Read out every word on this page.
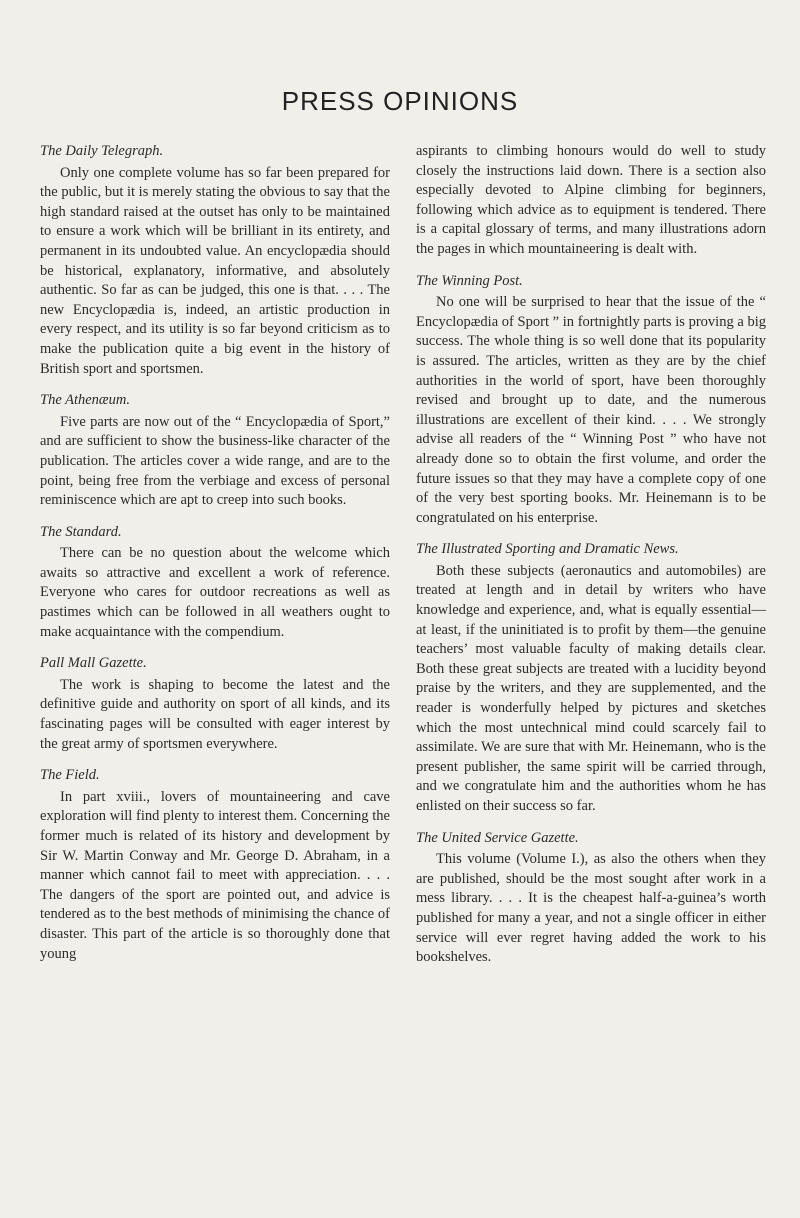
PRESS OPINIONS
The Daily Telegraph.

Only one complete volume has so far been prepared for the public, but it is merely stating the obvious to say that the high standard raised at the outset has only to be maintained to ensure a work which will be brilliant in its entirety, and permanent in its undoubted value. An encyclopædia should be historical, explanatory, informative, and absolutely authentic. So far as can be judged, this one is that. . . . The new Encyclopædia is, indeed, an artistic production in every respect, and its utility is so far beyond criticism as to make the publication quite a big event in the history of British sport and sportsmen.

The Athenæum.

Five parts are now out of the “ Encyclopædia of Sport,” and are sufficient to show the business-like character of the publication. The articles cover a wide range, and are to the point, being free from the verbiage and excess of personal reminiscence which are apt to creep into such books.

The Standard.

There can be no question about the welcome which awaits so attractive and excellent a work of reference. Everyone who cares for outdoor recreations as well as pastimes which can be followed in all weathers ought to make acquaintance with the compendium.

Pall Mall Gazette.

The work is shaping to become the latest and the definitive guide and authority on sport of all kinds, and its fascinating pages will be consulted with eager interest by the great army of sportsmen everywhere.

The Field.

In part xviii., lovers of mountaineering and cave exploration will find plenty to interest them. Concerning the former much is related of its history and development by Sir W. Martin Conway and Mr. George D. Abraham, in a manner which cannot fail to meet with appreciation. . . . The dangers of the sport are pointed out, and advice is tendered as to the best methods of minimising the chance of disaster. This part of the article is so thoroughly done that young

aspirants to climbing honours would do well to study closely the instructions laid down. There is a section also especially devoted to Alpine climbing for beginners, following which advice as to equipment is tendered. There is a capital glossary of terms, and many illustrations adorn the pages in which mountaineering is dealt with.

The Winning Post.

No one will be surprised to hear that the issue of the “ Encyclopædia of Sport ” in fortnightly parts is proving a big success. The whole thing is so well done that its popularity is assured. The articles, written as they are by the chief authorities in the world of sport, have been thoroughly revised and brought up to date, and the numerous illustrations are excellent of their kind. . . . We strongly advise all readers of the “ Winning Post ” who have not already done so to obtain the first volume, and order the future issues so that they may have a complete copy of one of the very best sporting books. Mr. Heinemann is to be congratulated on his enterprise.

The Illustrated Sporting and Dramatic News.

Both these subjects (aeronautics and automobiles) are treated at length and in detail by writers who have knowledge and experience, and, what is equally essential—at least, if the uninitiated is to profit by them—the genuine teachers’ most valuable faculty of making details clear. Both these great subjects are treated with a lucidity beyond praise by the writers, and they are supplemented, and the reader is wonderfully helped by pictures and sketches which the most untechnical mind could scarcely fail to assimilate. We are sure that with Mr. Heinemann, who is the present publisher, the same spirit will be carried through, and we congratulate him and the authorities whom he has enlisted on their success so far.

The United Service Gazette.

This volume (Volume I.), as also the others when they are published, should be the most sought after work in a mess library. . . . It is the cheapest half-a-guinea’s worth published for many a year, and not a single officer in either service will ever regret having added the work to his bookshelves.
